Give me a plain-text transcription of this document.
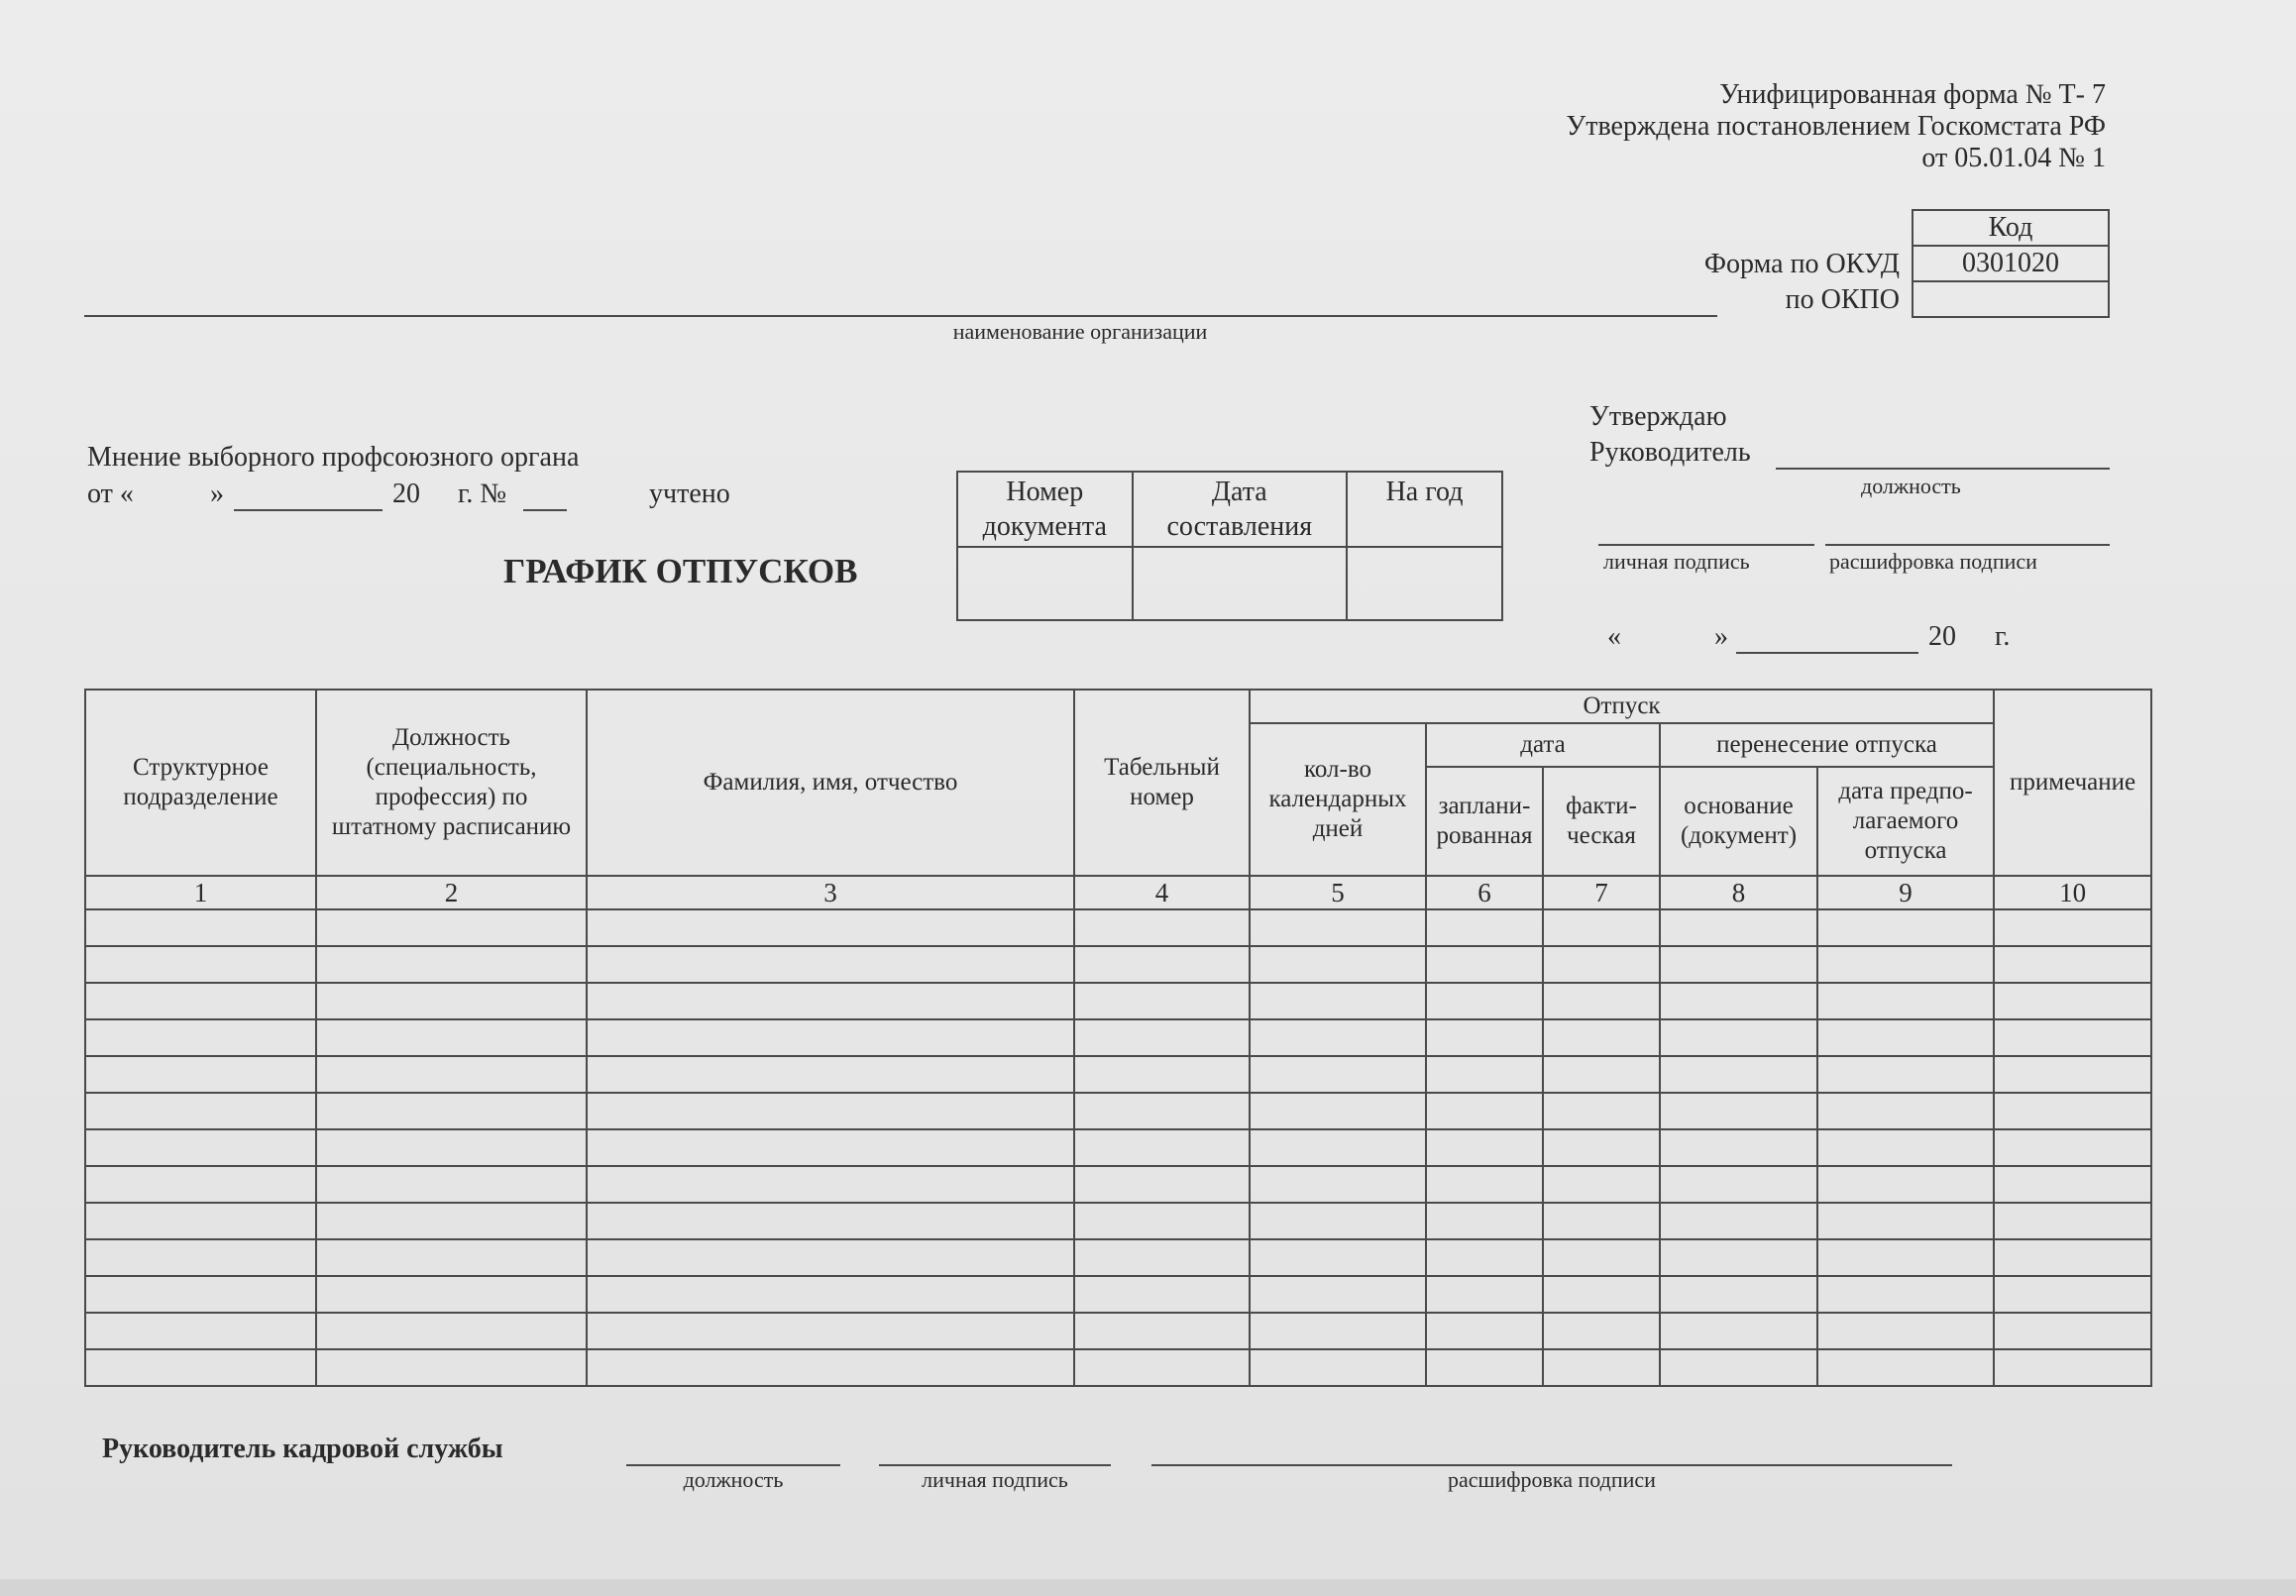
Унифицированная форма № Т- 7
Утверждена постановлением Госкомстата РФ
от 05.01.04 № 1
Код
0301020

Форма по ОКУД
по ОКПО
наименование организации
Мнение выборного профсоюзного органа
от «	»	20 г. №	учтено
ГРАФИК ОТПУСКОВ
Номер документа	Дата составления	На год

Утверждаю
Руководитель
должность
личная подпись	расшифровка подписи
«	»	20 г.
Структурное подразделение	Должность (специальность, профессия) по штатному расписанию	Фамилия, имя, отчество	Табельный номер	Отпуск					примечание
				кол-во календарных дней	дата		перенесение отпуска		
					заплани-рованная	факти-ческая	основание (документ)	дата предпо-лагаемого отпуска	
1	2	3	4	5	6	7	8	9	10

Руководитель кадровой службы
должность	личная подпись	расшифровка подписи
